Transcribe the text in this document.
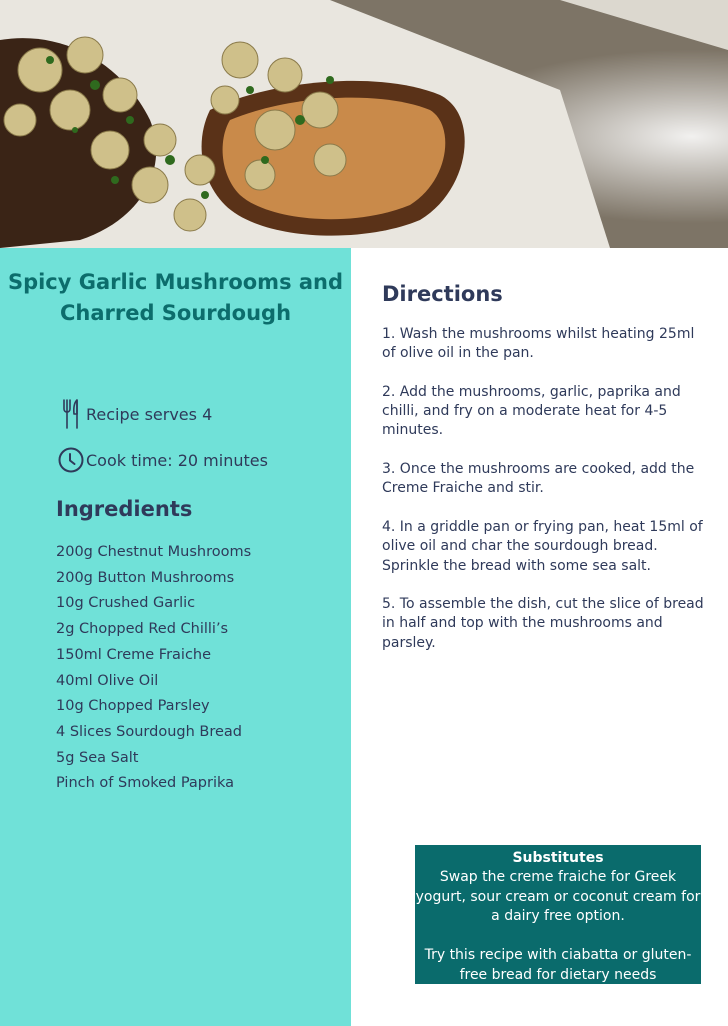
Spicy Garlic Mushrooms and
Charred Sourdough
Recipe serves 4
Cook time: 20 minutes
Ingredients
200g Chestnut Mushrooms
200g Button Mushrooms
10g Crushed Garlic
2g Chopped Red Chilli’s
150ml Creme Fraiche
40ml Olive Oil
10g Chopped Parsley
4 Slices Sourdough Bread
5g Sea Salt
Pinch of Smoked Paprika
Directions
1. Wash the mushrooms whilst heating 25ml of olive oil in the pan.
2. Add the mushrooms, garlic, paprika and chilli, and fry on a moderate heat for 4-5 minutes.
3. Once the mushrooms are cooked, add the Creme Fraiche and stir.
4. In a griddle pan or frying pan, heat 15ml of olive oil and char the sourdough bread. Sprinkle the bread with some sea salt.
5. To assemble the dish, cut the slice of bread in half and top with the mushrooms and parsley.
Substitutes

Swap the creme fraiche for Greek yogurt, sour cream or coconut cream for a dairy free option.

Try this recipe with ciabatta or gluten-free bread for dietary needs
